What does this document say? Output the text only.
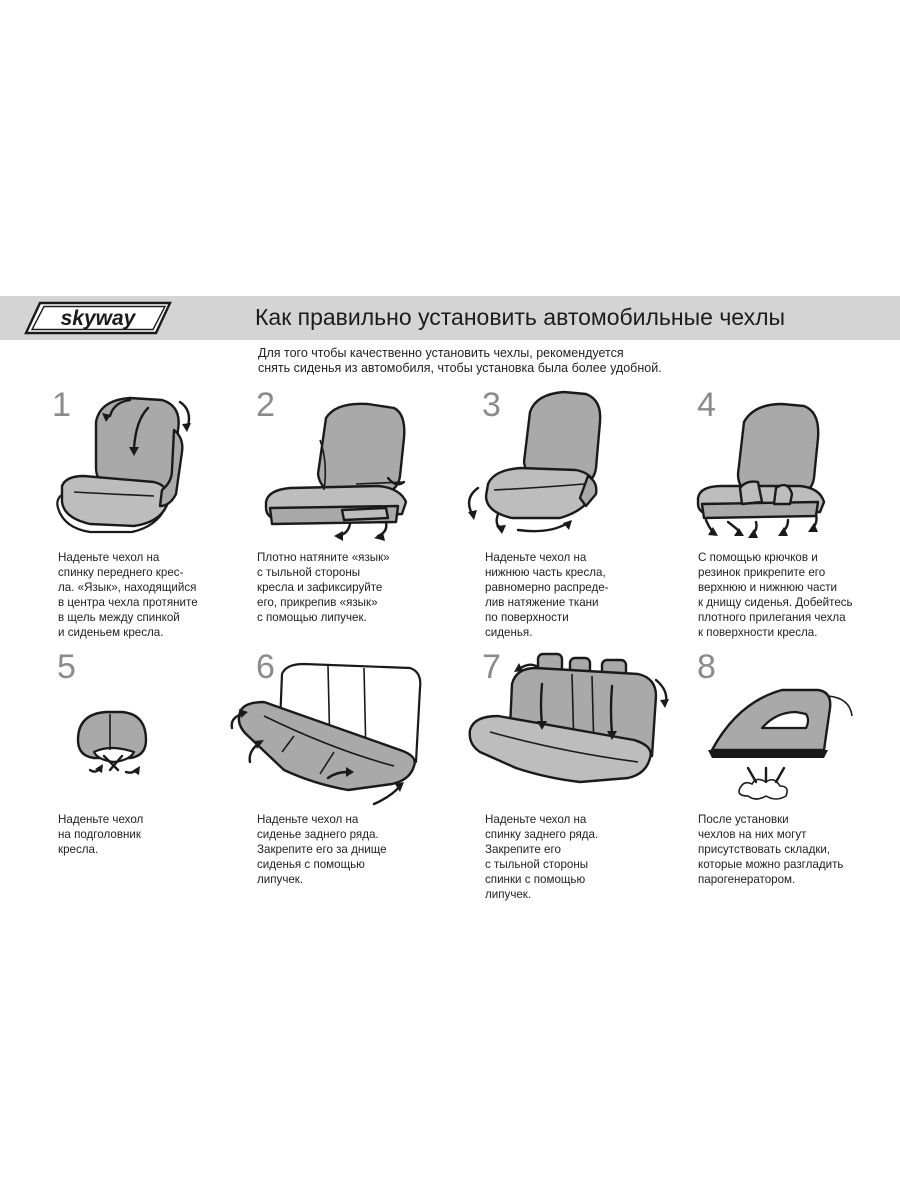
skyway	Как правильно установить автомобильные чехлы
Для того чтобы качественно установить чехлы, рекомендуется
снять сиденья из автомобиля, чтобы установка была более удобной.
1
Наденьте чехол на
спинку переднего крес-
ла. «Язык», находящийся
в центра чехла протяните
в щель между спинкой
и сиденьем кресла.
2
Плотно натяните «язык»
с тыльной стороны
кресла и зафиксируйте
его, прикрепив «язык»
с помощью липучек.
3
Наденьте чехол на
нижнюю часть кресла,
равномерно распреде-
лив натяжение ткани
по поверхности
сиденья.
4
С помощью крючков и
резинок прикрепите его
верхнюю и нижнюю части
к днищу сиденья. Добейтесь
плотного прилегания чехла
к поверхности кресла.
5
Наденьте чехол
на подголовник
кресла.
6
Наденьте чехол на
сиденье заднего ряда.
Закрепите его за днище
сиденья с помощью
липучек.
7
Наденьте чехол на
спинку заднего ряда.
Закрепите его
с тыльной стороны
спинки с помощью
липучек.
8
После установки
чехлов на них могут
присутствовать складки,
которые можно разгладить
парогенератором.
